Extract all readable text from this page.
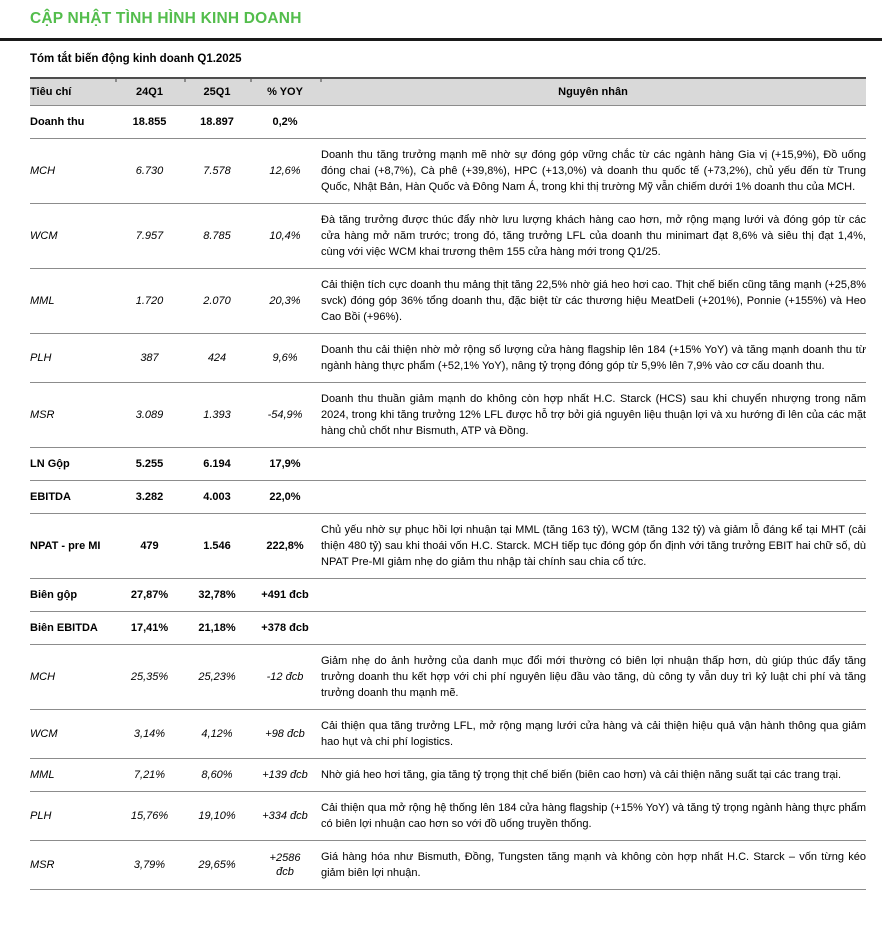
CẬP NHẬT TÌNH HÌNH KINH DOANH
Tóm tắt biến động kinh doanh Q1.2025
Tiêu chí	24Q1	25Q1	% YOY	Nguyên nhân
Doanh thu	18.855	18.897	0,2%	
MCH	6.730	7.578	12,6%	Doanh thu tăng trưởng mạnh mẽ nhờ sự đóng góp vững chắc từ các ngành hàng Gia vị (+15,9%), Đồ uống đóng chai (+8,7%), Cà phê (+39,8%), HPC (+13,0%) và doanh thu quốc tế (+73,2%), chủ yếu đến từ Trung Quốc, Nhật Bản, Hàn Quốc và Đông Nam Á, trong khi thị trường Mỹ vẫn chiếm dưới 1% doanh thu của MCH.
WCM	7.957	8.785	10,4%	Đà tăng trưởng được thúc đẩy nhờ lưu lượng khách hàng cao hơn, mở rộng mạng lưới và đóng góp từ các cửa hàng mở năm trước; trong đó, tăng trưởng LFL của doanh thu minimart đạt 8,6% và siêu thị đạt 1,4%, cùng với việc WCM khai trương thêm 155 cửa hàng mới trong Q1/25.
MML	1.720	2.070	20,3%	Cải thiện tích cực doanh thu mảng thịt tăng 22,5% nhờ giá heo hơi cao. Thịt chế biến cũng tăng mạnh (+25,8% svck) đóng góp 36% tổng doanh thu, đặc biệt từ các thương hiệu MeatDeli (+201%), Ponnie (+155%) và Heo Cao Bồi (+96%).
PLH	387	424	9,6%	Doanh thu cải thiện nhờ mở rộng số lượng cửa hàng flagship lên 184 (+15% YoY) và tăng mạnh doanh thu từ ngành hàng thực phẩm (+52,1% YoY), nâng tỷ trọng đóng góp từ 5,9% lên 7,9% vào cơ cấu doanh thu.
MSR	3.089	1.393	-54,9%	Doanh thu thuần giảm mạnh do không còn hợp nhất H.C. Starck (HCS) sau khi chuyển nhượng trong năm 2024, trong khi tăng trưởng 12% LFL được hỗ trợ bởi giá nguyên liệu thuận lợi và xu hướng đi lên của các mặt hàng chủ chốt như Bismuth, ATP và Đồng.
LN Gộp	5.255	6.194	17,9%	
EBITDA	3.282	4.003	22,0%	
NPAT - pre MI	479	1.546	222,8%	Chủ yếu nhờ sự phục hồi lợi nhuận tại MML (tăng 163 tỷ), WCM (tăng 132 tỷ) và giảm lỗ đáng kể tại MHT (cải thiện 480 tỷ) sau khi thoái vốn H.C. Starck. MCH tiếp tục đóng góp ổn định với tăng trưởng EBIT hai chữ số, dù NPAT Pre-MI giảm nhẹ do giảm thu nhập tài chính sau chia cổ tức.
Biên gộp	27,87%	32,78%	+491 đcb	
Biên EBITDA	17,41%	21,18%	+378 đcb	
MCH	25,35%	25,23%	-12 đcb	Giảm nhẹ do ảnh hưởng của danh mục đổi mới thường có biên lợi nhuận thấp hơn, dù giúp thúc đẩy tăng trưởng doanh thu kết hợp với chi phí nguyên liệu đầu vào tăng, dù công ty vẫn duy trì kỷ luật chi phí và tăng trưởng doanh thu mạnh mẽ.
WCM	3,14%	4,12%	+98 đcb	Cải thiện qua tăng trưởng LFL, mở rộng mạng lưới cửa hàng và cải thiện hiệu quả vận hành thông qua giảm hao hụt và chi phí logistics.
MML	7,21%	8,60%	+139 đcb	Nhờ giá heo hơi tăng, gia tăng tỷ trọng thịt chế biến (biên cao hơn) và cải thiện năng suất tại các trang trại.
PLH	15,76%	19,10%	+334 đcb	Cải thiện qua mở rộng hệ thống lên 184 cửa hàng flagship (+15% YoY) và tăng tỷ trọng ngành hàng thực phẩm có biên lợi nhuận cao hơn so với đồ uống truyền thống.
MSR	3,79%	29,65%	+2586 đcb	Giá hàng hóa như Bismuth, Đồng, Tungsten tăng mạnh và không còn hợp nhất H.C. Starck – vốn từng kéo giảm biên lợi nhuận.
